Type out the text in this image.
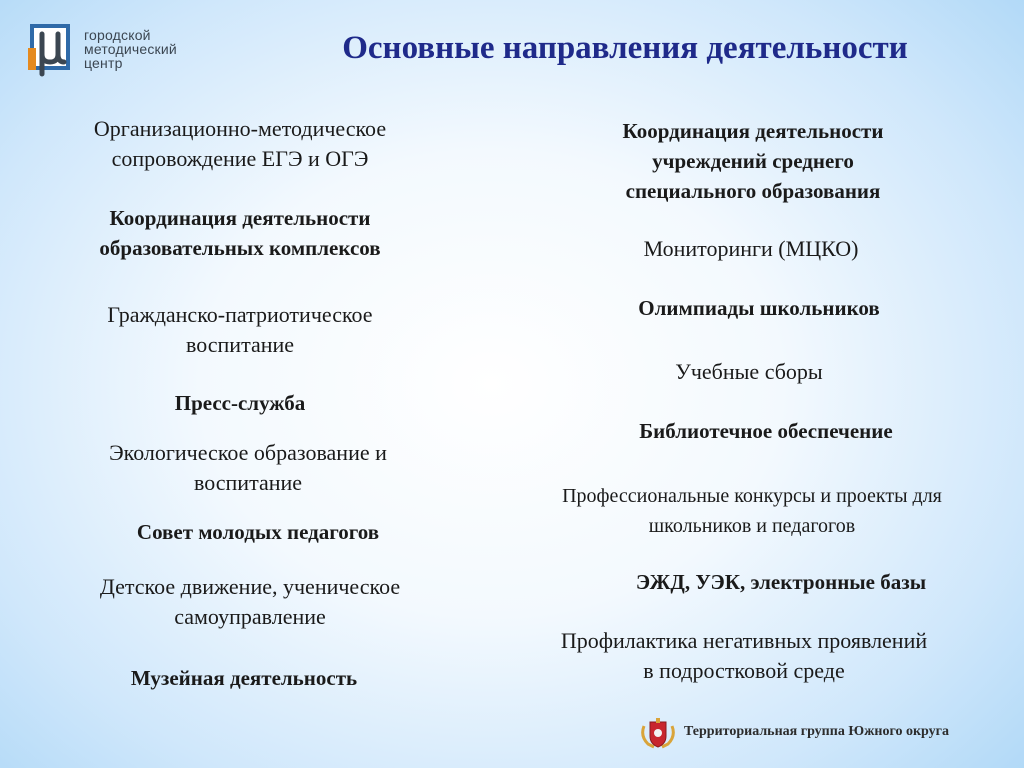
городской
методический
центр	Основные направления деятельности
Организационно-методическое
сопровождение ЕГЭ и ОГЭ
Координация деятельности
образовательных комплексов
Гражданско-патриотическое
воспитание
Пресс-служба
Экологическое образование и
воспитание
Совет молодых педагогов
Детское движение, ученическое
самоуправление
Музейная деятельность
Координация деятельности
учреждений среднего
специального образования
Мониторинги (МЦКО)
Олимпиады школьников
Учебные сборы
Библиотечное обеспечение
Профессиональные конкурсы и проекты для
школьников и педагогов
ЭЖД, УЭК, электронные базы
Профилактика негативных проявлений
в подростковой среде
Территориальная группа Южного округа
